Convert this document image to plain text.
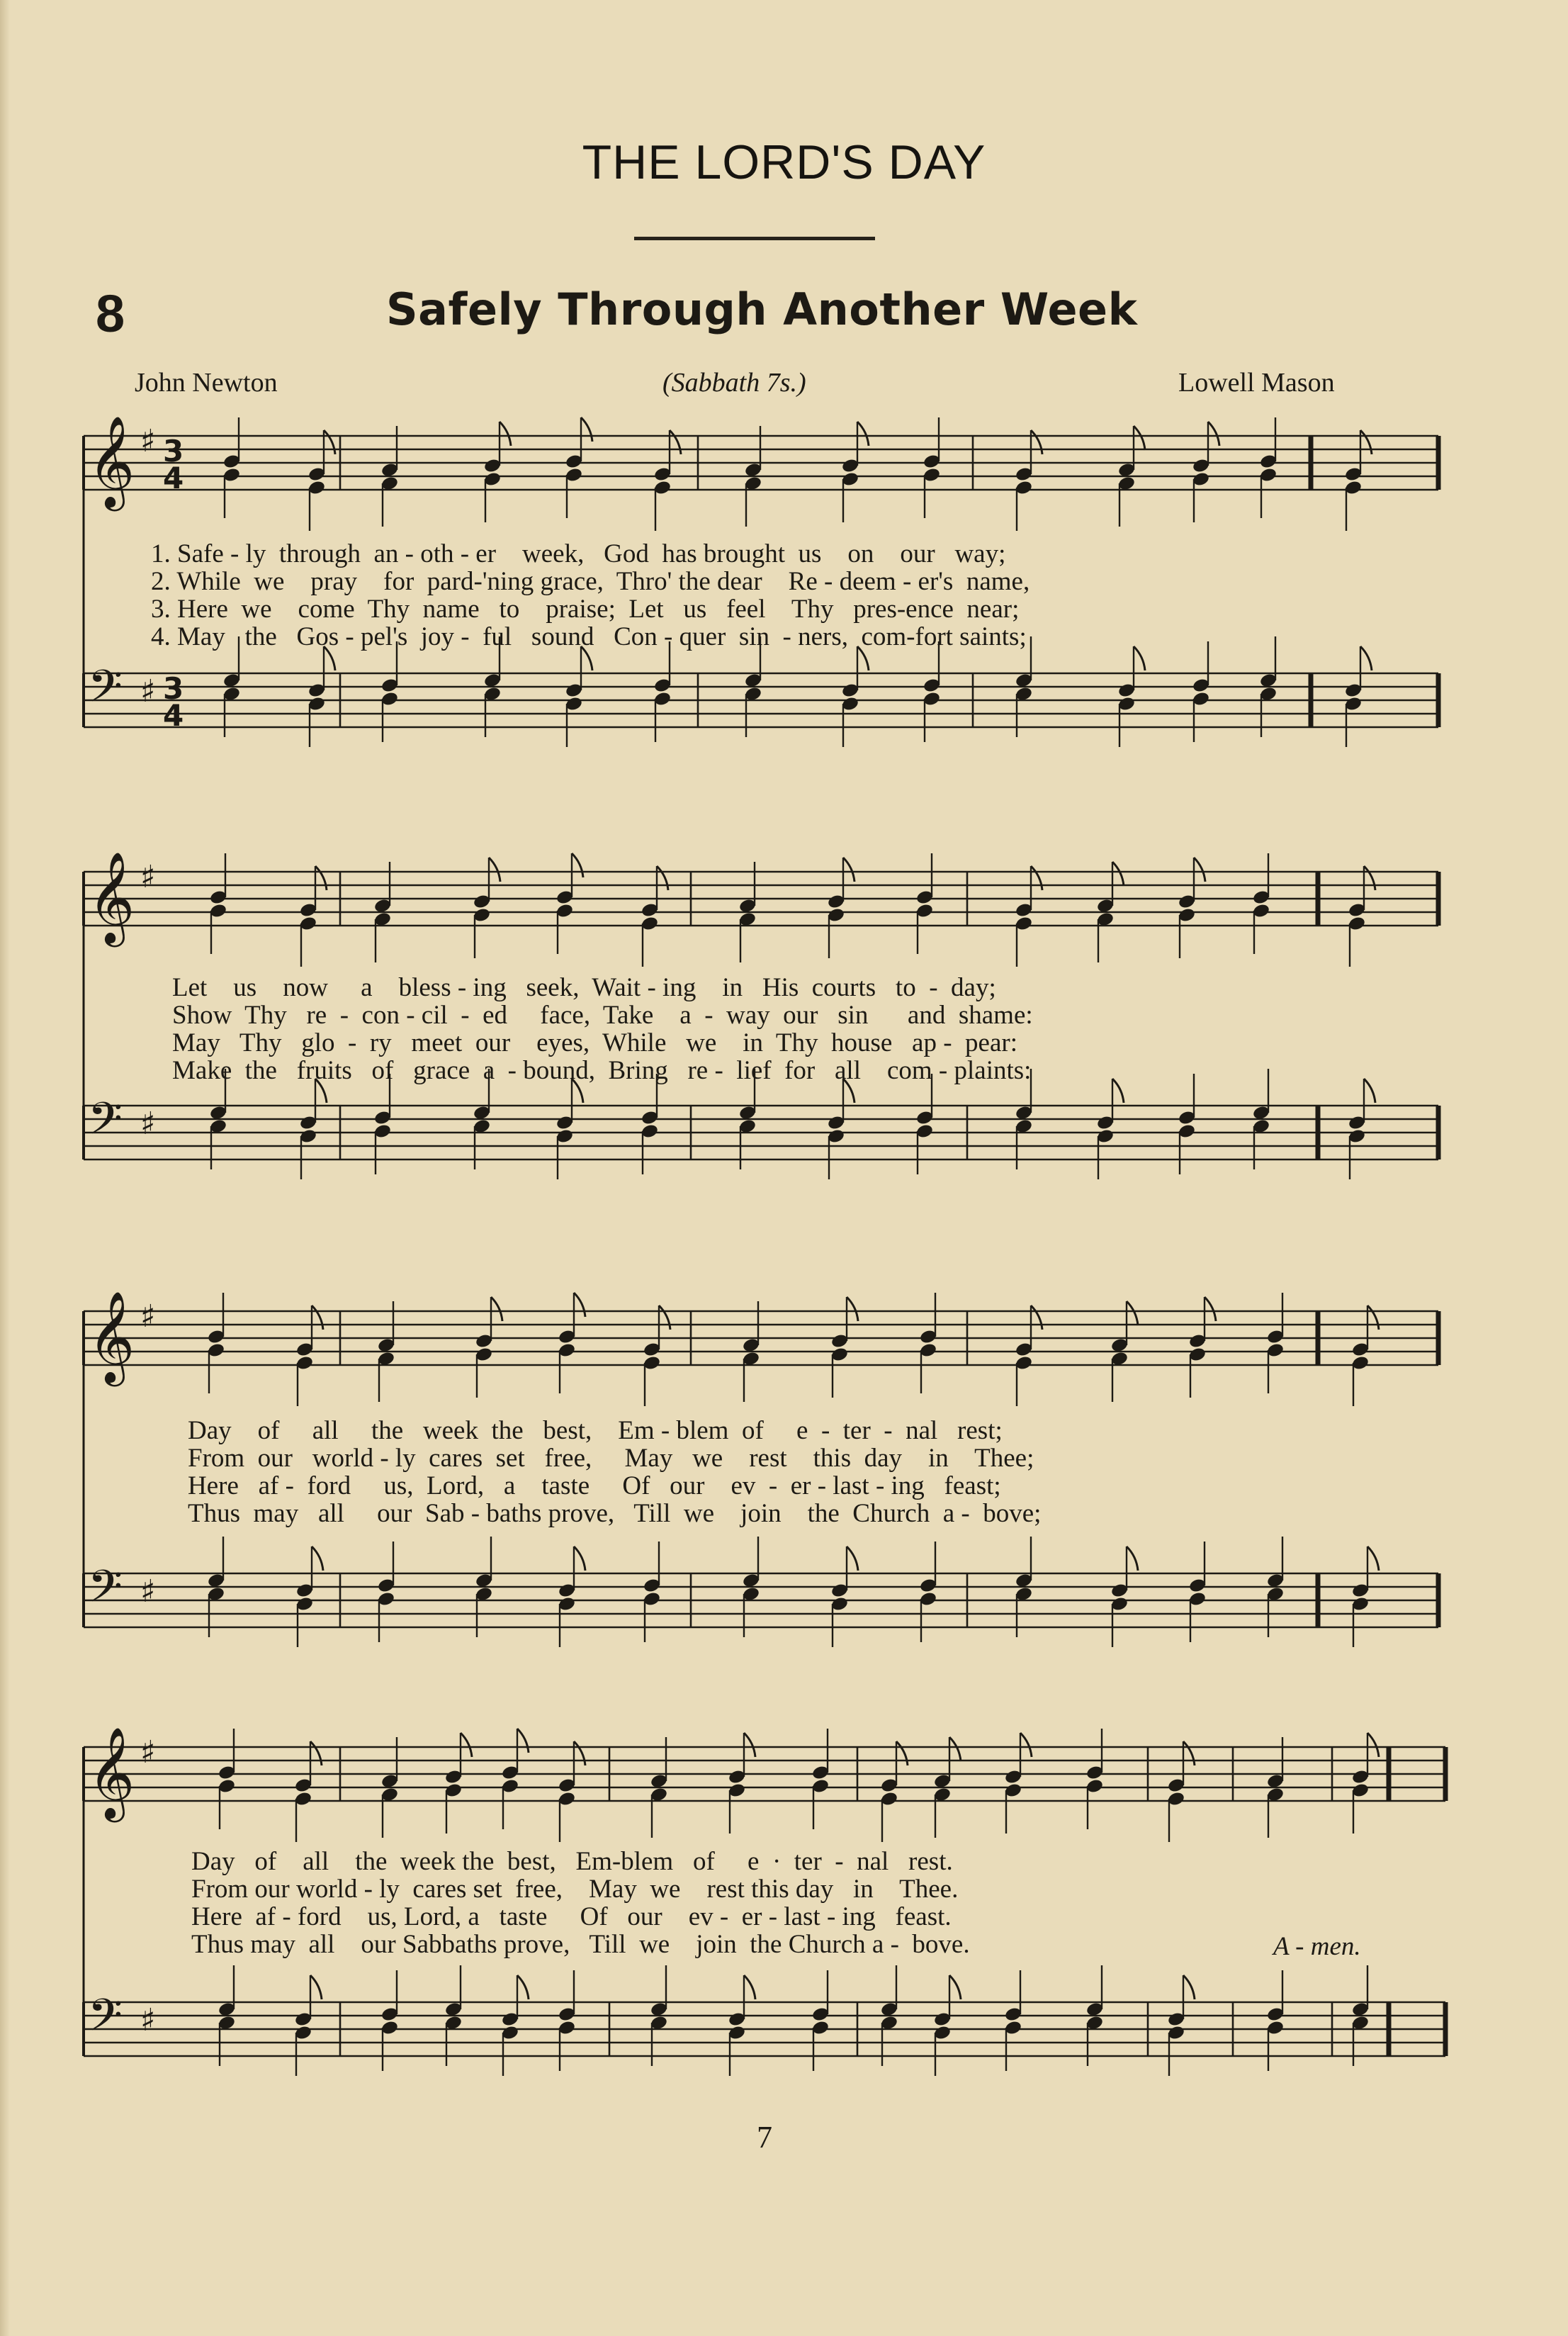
THE LORD'S DAY
8	Safely Through Another Week
John Newton	(Sabbath 7s.)	Lowell Mason
𝄞 ♯ 3
4
𝄢 ♯ 3
4
1. Safe - ly  through  an - oth - er    week,   God  has brought  us    on    our   way;
2. While  we    pray    for  pard-'ning grace,  Thro' the dear    Re - deem - er's  name,
3. Here  we    come  Thy  name   to    praise;  Let   us   feel    Thy   pres-ence  near;
4. May   the   Gos - pel's  joy -  ful   sound   Con - quer  sin  - ners,  com-fort saints;
𝄞 ♯
𝄢 ♯
Let    us    now     a    bless - ing   seek,  Wait - ing    in   His  courts   to  -  day;
Show  Thy   re  -  con - cil  -  ed     face,  Take    a  -  way  our   sin      and  shame:
May   Thy   glo  -  ry   meet  our    eyes,  While   we    in  Thy  house   ap -  pear:
Make  the   fruits   of   grace  a  - bound,  Bring   re -  lief  for   all    com - plaints:
𝄞 ♯
𝄢 ♯
Day    of     all     the   week  the   best,    Em - blem  of     e  -  ter  -  nal   rest;
From  our   world - ly  cares  set   free,     May   we    rest    this  day    in    Thee;
Here   af -  ford     us,  Lord,   a    taste     Of   our    ev  -  er - last - ing   feast;
Thus  may   all     our  Sab - baths prove,   Till  we    join    the  Church  a -  bove;
𝄞 ♯
𝄢 ♯
Day   of    all    the  week the  best,   Em-blem   of     e  ·  ter  -  nal   rest.
From our world - ly  cares set  free,    May  we    rest this day   in    Thee.
Here  af - ford    us, Lord, a   taste     Of   our    ev -  er - last - ing   feast.
Thus may  all    our Sabbaths prove,   Till  we    join  the Church a -  bove.	A - men.
7
